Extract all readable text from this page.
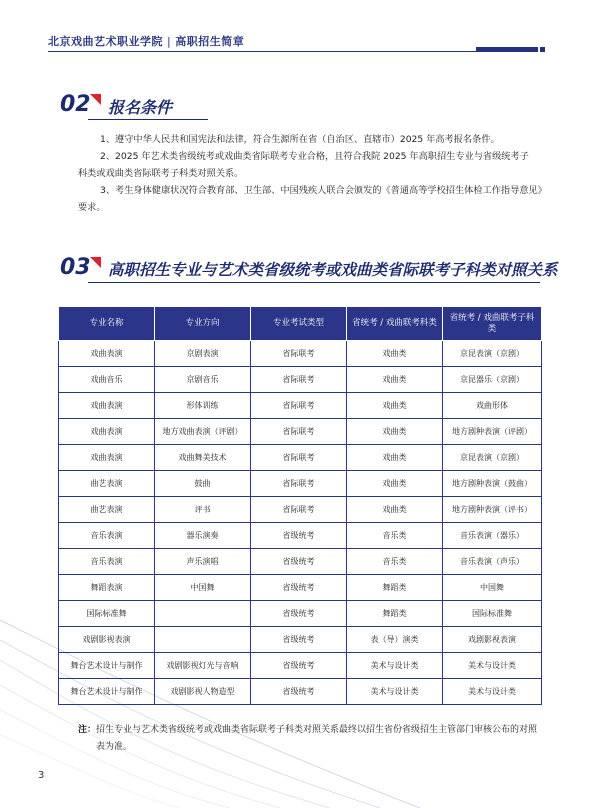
北京戏曲艺术职业学院 | 高职招生简章
02 报名条件
1、遵守中华人民共和国宪法和法律，符合生源所在省（自治区、直辖市）2025 年高考报名条件。
2、2025 年艺术类省级统考或戏曲类省际联考专业合格，且符合我院 2025 年高职招生专业与省级统考子
科类或戏曲类省际联考子科类对照关系。
3、考生身体健康状况符合教育部、卫生部、中国残疾人联合会颁发的《普通高等学校招生体检工作指导意见》
要求。
03 高职招生专业与艺术类省级统考或戏曲类省际联考子科类对照关系
专业名称	专业方向	专业考试类型	省统考 / 戏曲联考科类	省统考 / 戏曲联考子科类
戏曲表演	京剧表演	省际联考	戏曲类	京昆表演（京剧）
戏曲音乐	京剧音乐	省际联考	戏曲类	京昆器乐（京剧）
戏曲表演	形体训练	省际联考	戏曲类	戏曲形体
戏曲表演	地方戏曲表演（评剧）	省际联考	戏曲类	地方剧种表演（评剧）
戏曲表演	戏曲舞美技术	省际联考	戏曲类	京昆表演（京剧）
曲艺表演	鼓曲	省际联考	戏曲类	地方剧种表演（鼓曲）
曲艺表演	评书	省际联考	戏曲类	地方剧种表演（评书）
音乐表演	器乐演奏	省级统考	音乐类	音乐表演（器乐）
音乐表演	声乐演唱	省级统考	音乐类	音乐表演（声乐）
舞蹈表演	中国舞	省级统考	舞蹈类	中国舞
国际标准舞		省级统考	舞蹈类	国际标准舞
戏剧影视表演		省级统考	表（导）演类	戏剧影视表演
舞台艺术设计与制作	戏剧影视灯光与音响	省级统考	美术与设计类	美术与设计类
舞台艺术设计与制作	戏剧影视人物造型	省级统考	美术与设计类	美术与设计类
注：招生专业与艺术类省级统考或戏曲类省际联考子科类对照关系最终以招生省份省级招生主管部门审核公布的对照
表为准。
3
